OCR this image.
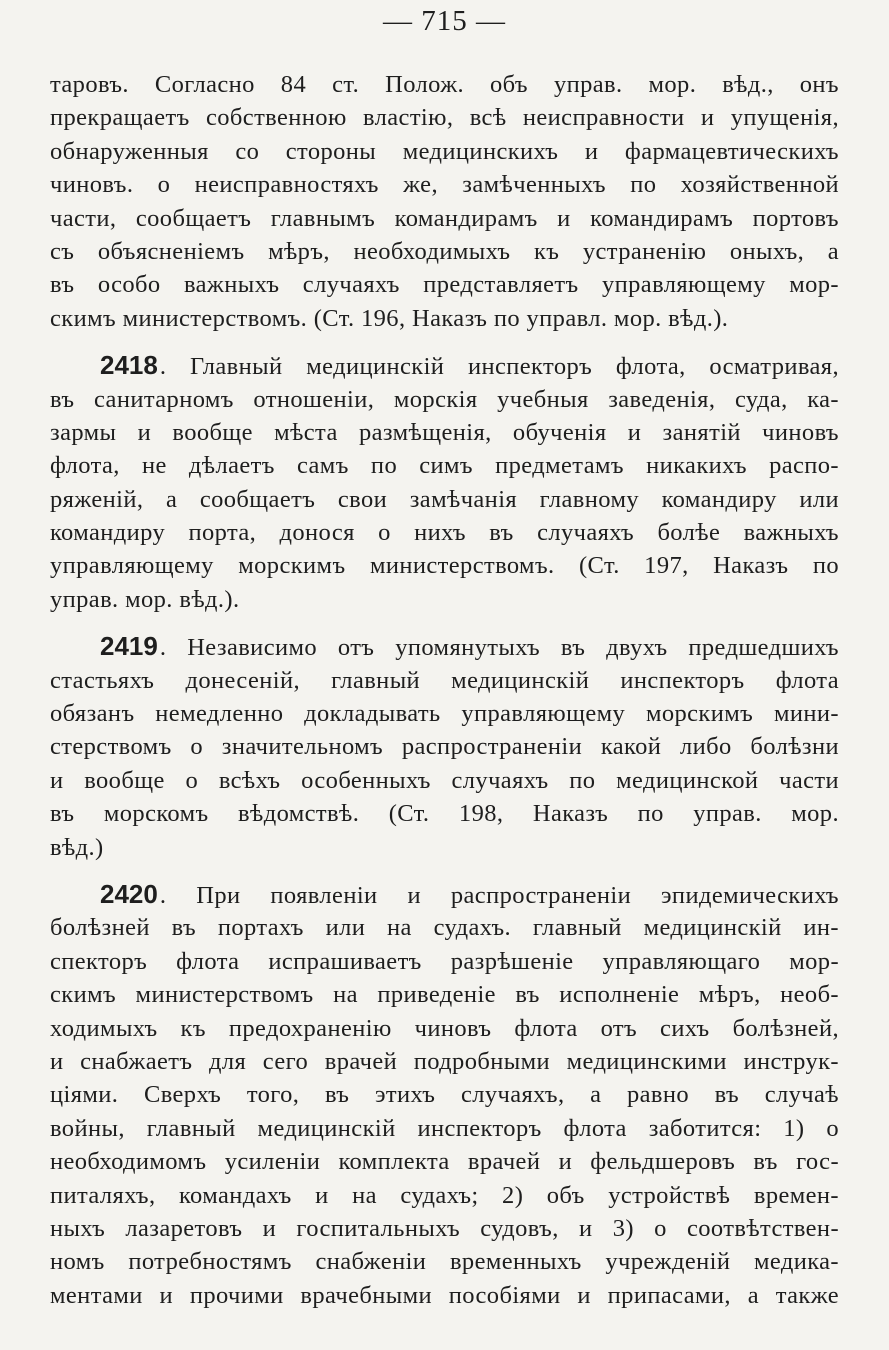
— 715 —
таровъ. Согласно 84 ст. Полож. объ управ. мор. вѣд., онъ
прекращаетъ собственною властію, всѣ неисправности и упущенія,
обнаруженныя со стороны медицинскихъ и фармацевтическихъ
чиновъ. о неисправностяхъ же, замѣченныхъ по хозяйственной
части, сообщаетъ главнымъ командирамъ и командирамъ портовъ
съ объясненіемъ мѣръ, необходимыхъ къ устраненію оныхъ, а
въ особо важныхъ случаяхъ представляетъ управляющему мор-
скимъ министерствомъ. (Ст. 196, Наказъ по управл. мор. вѣд.).
2418. Главный медицинскій инспекторъ флота, осматривая,
въ санитарномъ отношеніи, морскія учебныя заведенія, суда, ка-
зармы и вообще мѣста размѣщенія, обученія и занятій чиновъ
флота, не дѣлаетъ самъ по симъ предметамъ никакихъ распо-
ряженій, а сообщаетъ свои замѣчанія главному командиру или
командиру порта, донося о нихъ въ случаяхъ болѣе важныхъ
управляющему морскимъ министерствомъ. (Ст. 197, Наказъ по
управ. мор. вѣд.).
2419. Независимо отъ упомянутыхъ въ двухъ предшедшихъ
стастьяхъ донесеній, главный медицинскій инспекторъ флота
обязанъ немедленно докладывать управляющему морскимъ мини-
стерствомъ о значительномъ распространеніи какой либо болѣзни
и вообще о всѣхъ особенныхъ случаяхъ по медицинской части
въ морскомъ вѣдомствѣ. (Ст. 198, Наказъ по управ. мор.
вѣд.)
2420. При появленіи и распространеніи эпидемическихъ
болѣзней въ портахъ или на судахъ. главный медицинскій ин-
спекторъ флота испрашиваетъ разрѣшеніе управляющаго мор-
скимъ министерствомъ на приведеніе въ исполненіе мѣръ, необ-
ходимыхъ къ предохраненію чиновъ флота отъ сихъ болѣзней,
и снабжаетъ для сего врачей подробными медицинскими инструк-
ціями. Сверхъ того, въ этихъ случаяхъ, а равно въ случаѣ
войны, главный медицинскій инспекторъ флота заботится: 1) о
необходимомъ усиленіи комплекта врачей и фельдшеровъ въ гос-
питаляхъ, командахъ и на судахъ; 2) объ устройствѣ времен-
ныхъ лазаретовъ и госпитальныхъ судовъ, и 3) о соотвѣтствен-
номъ потребностямъ снабженіи временныхъ учрежденій медика-
ментами и прочими врачебными пособіями и припасами, а также
